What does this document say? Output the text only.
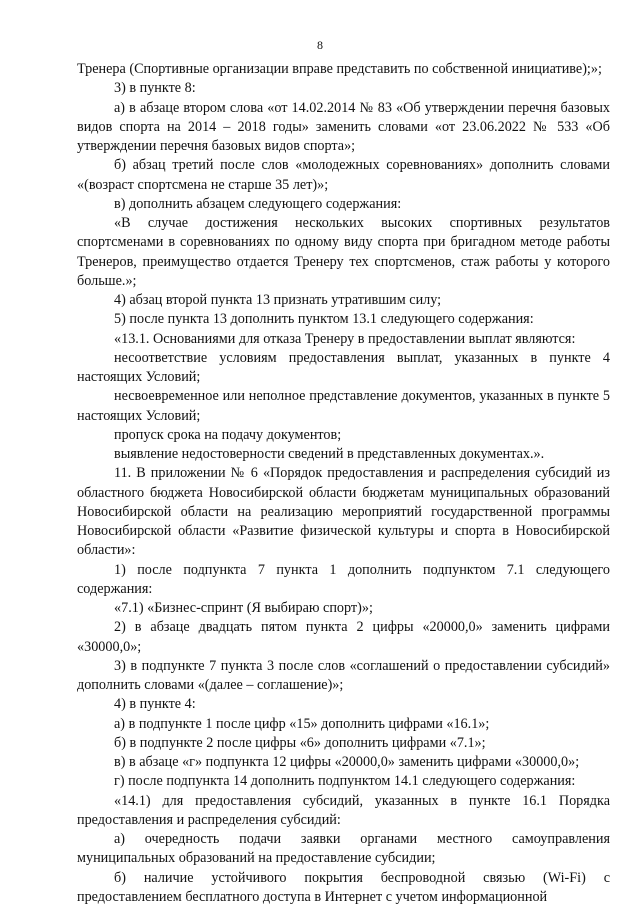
8

Тренера (Спортивные организации вправе представить по собственной инициативе);»;

3) в пункте 8:

а) в абзаце втором слова «от 14.02.2014 № 83 «Об утверждении перечня базовых видов спорта на 2014 – 2018 годы» заменить словами «от 23.06.2022 № 533 «Об утверждении перечня базовых видов спорта»;

б) абзац третий после слов «молодежных соревнованиях» дополнить словами «(возраст спортсмена не старше 35 лет)»;

в) дополнить абзацем следующего содержания:

«В случае достижения нескольких высоких спортивных результатов спортсменами в соревнованиях по одному виду спорта при бригадном методе работы Тренеров, преимущество отдается Тренеру тех спортсменов, стаж работы у которого больше.»;

4) абзац второй пункта 13 признать утратившим силу;

5) после пункта 13 дополнить пунктом 13.1 следующего содержания:

«13.1. Основаниями для отказа Тренеру в предоставлении выплат являются:

несоответствие условиям предоставления выплат, указанных в пункте 4 настоящих Условий;

несвоевременное или неполное представление документов, указанных в пункте 5 настоящих Условий;

пропуск срока на подачу документов;

выявление недостоверности сведений в представленных документах.».

11. В приложении № 6 «Порядок предоставления и распределения субсидий из областного бюджета Новосибирской области бюджетам муниципальных образований Новосибирской области на реализацию мероприятий государственной программы Новосибирской области «Развитие физической культуры и спорта в Новосибирской области»:

1) после подпункта 7 пункта 1 дополнить подпунктом 7.1 следующего содержания:

«7.1) «Бизнес-спринт (Я выбираю спорт)»;

2) в абзаце двадцать пятом пункта 2 цифры «20000,0» заменить цифрами «30000,0»;

3) в подпункте 7 пункта 3 после слов «соглашений о предоставлении субсидий» дополнить словами «(далее – соглашение)»;

4) в пункте 4:

а) в подпункте 1 после цифр «15» дополнить цифрами «16.1»;

б) в подпункте 2 после цифры «6» дополнить цифрами «7.1»;

в) в абзаце «г» подпункта 12 цифры «20000,0» заменить цифрами «30000,0»;

г) после подпункта 14 дополнить подпунктом 14.1 следующего содержания:

«14.1) для предоставления субсидий, указанных в пункте 16.1 Порядка предоставления и распределения субсидий:

а) очередность подачи заявки органами местного самоуправления муниципальных образований на предоставление субсидии;

б) наличие устойчивого покрытия беспроводной связью (Wi-Fi) с предоставлением бесплатного доступа в Интернет с учетом информационной
